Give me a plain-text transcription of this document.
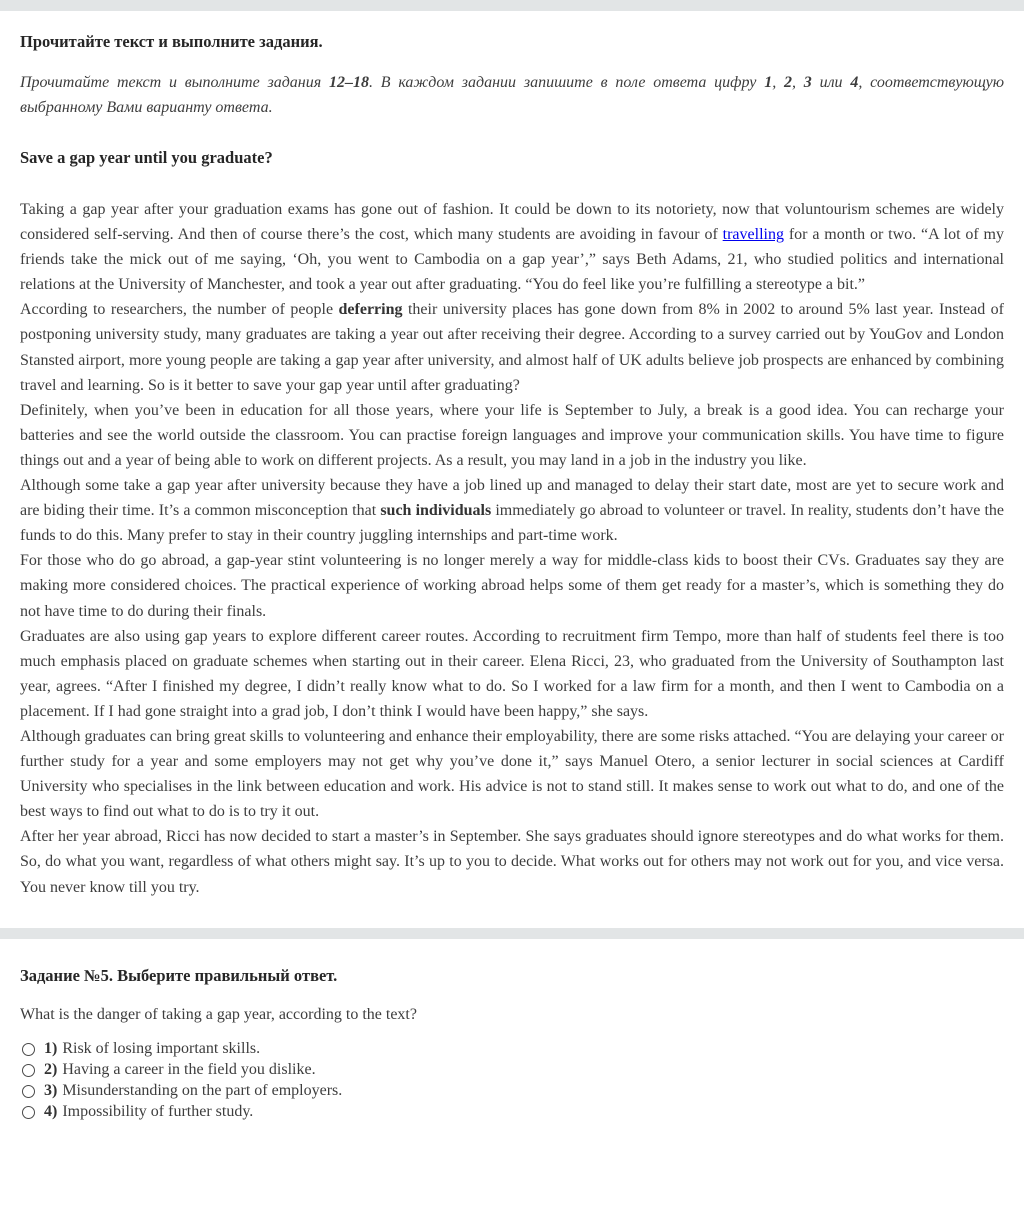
Прочитайте текст и выполните задания.
Прочитайте текст и выполните задания 12–18. В каждом задании запишите в поле ответа цифру 1, 2, 3 или 4, соответствующую выбранному Вами варианту ответа.
Save a gap year until you graduate?

Taking a gap year after your graduation exams has gone out of fashion. It could be down to its notoriety, now that voluntourism schemes are widely considered self-serving. And then of course there’s the cost, which many students are avoiding in favour of travelling for a month or two. “A lot of my friends take the mick out of me saying, ‘Oh, you went to Cambodia on a gap year’,” says Beth Adams, 21, who studied politics and international relations at the University of Manchester, and took a year out after graduating. “You do feel like you’re fulfilling a stereotype a bit.”

According to researchers, the number of people deferring their university places has gone down from 8% in 2002 to around 5% last year. Instead of postponing university study, many graduates are taking a year out after receiving their degree. According to a survey carried out by YouGov and London Stansted airport, more young people are taking a gap year after university, and almost half of UK adults believe job prospects are enhanced by combining travel and learning. So is it better to save your gap year until after graduating?

Definitely, when you’ve been in education for all those years, where your life is September to July, a break is a good idea. You can recharge your batteries and see the world outside the classroom. You can practise foreign languages and improve your communication skills. You have time to figure things out and a year of being able to work on different projects. As a result, you may land in a job in the industry you like.

Although some take a gap year after university because they have a job lined up and managed to delay their start date, most are yet to secure work and are biding their time. It’s a common misconception that such individuals immediately go abroad to volunteer or travel. In reality, students don’t have the funds to do this. Many prefer to stay in their country juggling internships and part-time work.

For those who do go abroad, a gap-year stint volunteering is no longer merely a way for middle-class kids to boost their CVs. Graduates say they are making more considered choices. The practical experience of working abroad helps some of them get ready for a master’s, which is something they do not have time to do during their finals.

Graduates are also using gap years to explore different career routes. According to recruitment firm Tempo, more than half of students feel there is too much emphasis placed on graduate schemes when starting out in their career. Elena Ricci, 23, who graduated from the University of Southampton last year, agrees. “After I finished my degree, I didn’t really know what to do. So I worked for a law firm for a month, and then I went to Cambodia on a placement. If I had gone straight into a grad job, I don’t think I would have been happy,” she says.

Although graduates can bring great skills to volunteering and enhance their employability, there are some risks attached. “You are delaying your career or further study for a year and some employers may not get why you’ve done it,” says Manuel Otero, a senior lecturer in social sciences at Cardiff University who specialises in the link between education and work. His advice is not to stand still. It makes sense to work out what to do, and one of the best ways to find out what to do is to try it out.

After her year abroad, Ricci has now decided to start a master’s in September. She says graduates should ignore stereotypes and do what works for them. So, do what you want, regardless of what others might say. It’s up to you to decide. What works out for others may not work out for you, and vice versa. You never know till you try.

Задание №5. Выберите правильный ответ.
What is the danger of taking a gap year, according to the text?
1) Risk of losing important skills.
2) Having a career in the field you dislike.
3) Misunderstanding on the part of employers.
4) Impossibility of further study.
